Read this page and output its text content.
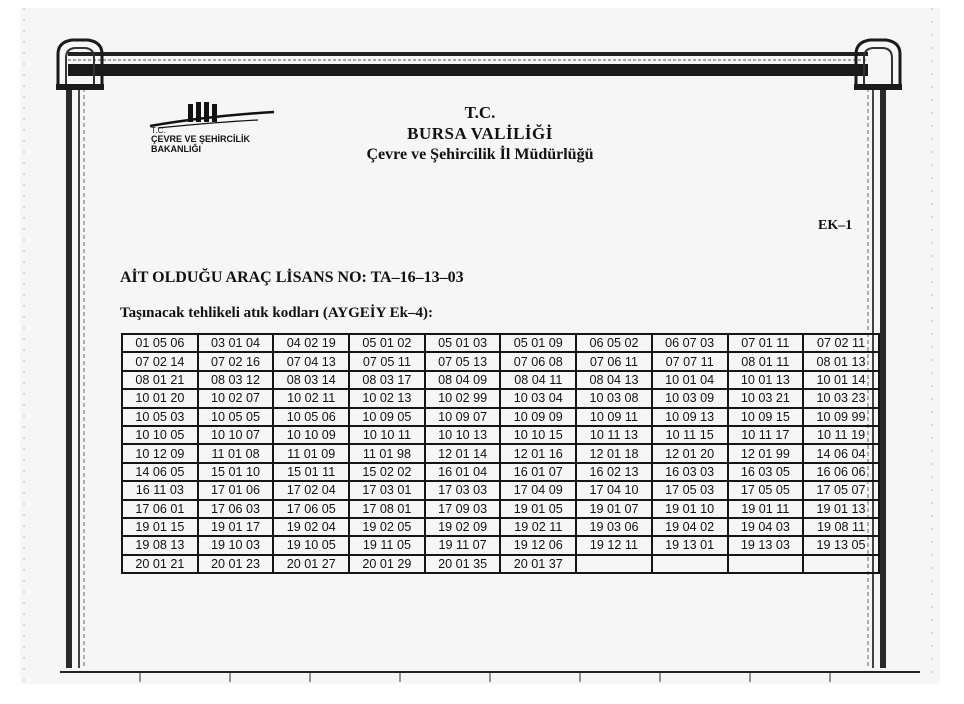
T.C.
ÇEVRE VE ŞEHİRCİLİK
BAKANLIĞI
T.C.
BURSA VALİLİĞİ
Çevre ve Şehircilik İl Müdürlüğü
EK–1
AİT OLDUĞU ARAÇ LİSANS NO: TA–16–13–03
Taşınacak tehlikeli atık kodları (AYGEİY Ek–4):
01 05 06	03 01 04	04 02 19	05 01 02	05 01 03	05 01 09	06 05 02	06 07 03	07 01 11	07 02 11
07 02 14	07 02 16	07 04 13	07 05 11	07 05 13	07 06 08	07 06 11	07 07 11	08 01 11	08 01 13
08 01 21	08 03 12	08 03 14	08 03 17	08 04 09	08 04 11	08 04 13	10 01 04	10 01 13	10 01 14
10 01 20	10 02 07	10 02 11	10 02 13	10 02 99	10 03 04	10 03 08	10 03 09	10 03 21	10 03 23
10 05 03	10 05 05	10 05 06	10 09 05	10 09 07	10 09 09	10 09 11	10 09 13	10 09 15	10 09 99
10 10 05	10 10 07	10 10 09	10 10 11	10 10 13	10 10 15	10 11 13	10 11 15	10 11 17	10 11 19
10 12 09	11 01 08	11 01 09	11 01 98	12 01 14	12 01 16	12 01 18	12 01 20	12 01 99	14 06 04
14 06 05	15 01 10	15 01 11	15 02 02	16 01 04	16 01 07	16 02 13	16 03 03	16 03 05	16 06 06
16 11 03	17 01 06	17 02 04	17 03 01	17 03 03	17 04 09	17 04 10	17 05 03	17 05 05	17 05 07
17 06 01	17 06 03	17 06 05	17 08 01	17 09 03	19 01 05	19 01 07	19 01 10	19 01 11	19 01 13
19 01 15	19 01 17	19 02 04	19 02 05	19 02 09	19 02 11	19 03 06	19 04 02	19 04 03	19 08 11
19 08 13	19 10 03	19 10 05	19 11 05	19 11 07	19 12 06	19 12 11	19 13 01	19 13 03	19 13 05
20 01 21	20 01 23	20 01 27	20 01 29	20 01 35	20 01 37				
